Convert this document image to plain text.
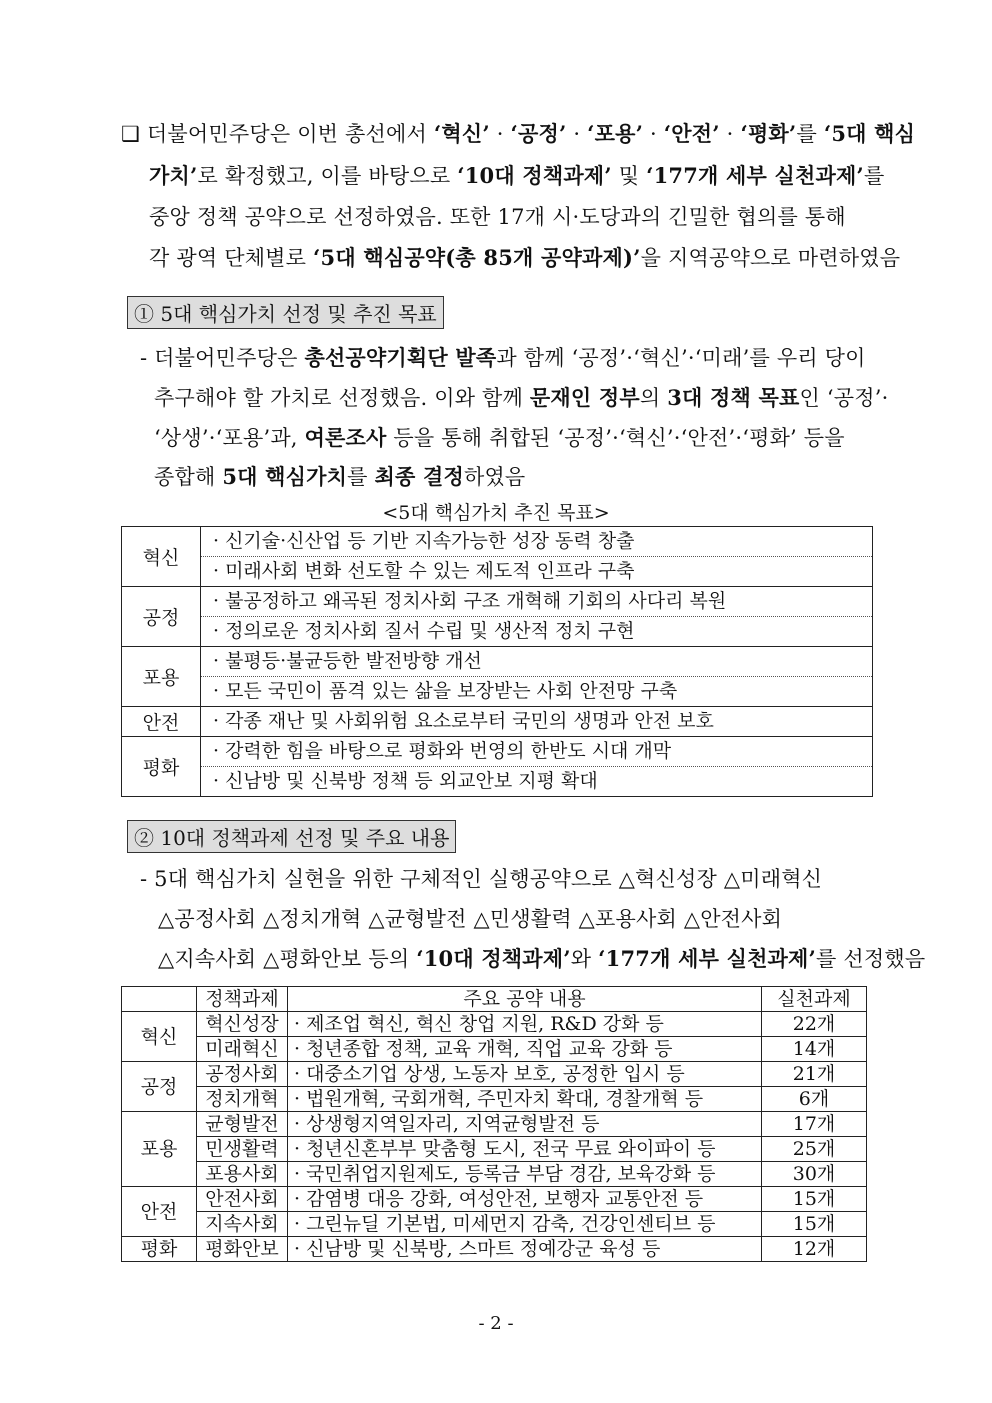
❑ 더불어민주당은 이번 총선에서 ‘혁신’ · ‘공정’ · ‘포용’ · ‘안전’ · ‘평화’를 ‘5대 핵심
가치’로 확정했고, 이를 바탕으로 ‘10대 정책과제’ 및 ‘177개 세부 실천과제’를
중앙 정책 공약으로 선정하였음. 또한 17개 시·도당과의 긴밀한 협의를 통해
각 광역 단체별로 ‘5대 핵심공약(총 85개 공약과제)’을 지역공약으로 마련하였음
① 5대 핵심가치 선정 및 추진 목표
- 더불어민주당은 총선공약기획단 발족과 함께 ‘공정’·‘혁신’·‘미래’를 우리 당이
추구해야 할 가치로 선정했음. 이와 함께 문재인 정부의 3대 정책 목표인 ‘공정’·
‘상생’·‘포용’과, 여론조사 등을 통해 취합된 ‘공정’·‘혁신’·‘안전’·‘평화’ 등을
종합해 5대 핵심가치를 최종 결정하였음
<5대 핵심가치 추진 목표>
혁신	· 신기술·신산업 등 기반 지속가능한 성장 동력 창출
· 미래사회 변화 선도할 수 있는 제도적 인프라 구축

공정	· 불공정하고 왜곡된 정치사회 구조 개혁해 기회의 사다리 복원
· 정의로운 정치사회 질서 수립 및 생산적 정치 구현

포용	· 불평등·불균등한 발전방향 개선
· 모든 국민이 품격 있는 삶을 보장받는 사회 안전망 구축

안전	· 각종 재난 및 사회위험 요소로부터 국민의 생명과 안전 보호

평화	· 강력한 힘을 바탕으로 평화와 번영의 한반도 시대 개막
· 신남방 및 신북방 정책 등 외교안보 지평 확대
② 10대 정책과제 선정 및 주요 내용
- 5대 핵심가치 실현을 위한 구체적인 실행공약으로 △혁신성장 △미래혁신
△공정사회 △정치개혁 △균형발전 △민생활력 △포용사회 △안전사회
△지속사회 △평화안보 등의 ‘10대 정책과제’와 ‘177개 세부 실천과제’를 선정했음
	정책과제	주요 공약 내용	실천과제
혁신	혁신성장	· 제조업 혁신, 혁신 창업 지원, R&D 강화 등	22개
	미래혁신	· 청년종합 정책, 교육 개혁, 직업 교육 강화 등	14개
공정	공정사회	· 대중소기업 상생, 노동자 보호, 공정한 입시 등	21개
	정치개혁	· 법원개혁, 국회개혁, 주민자치 확대, 경찰개혁 등	6개
포용	균형발전	· 상생형지역일자리, 지역균형발전 등	17개
	민생활력	· 청년신혼부부 맞춤형 도시, 전국 무료 와이파이 등	25개
	포용사회	· 국민취업지원제도, 등록금 부담 경감, 보육강화 등	30개
안전	안전사회	· 감염병 대응 강화, 여성안전, 보행자 교통안전 등	15개
	지속사회	· 그린뉴딜 기본법, 미세먼지 감축, 건강인센티브 등	15개
평화	평화안보	· 신남방 및 신북방, 스마트 정예강군 육성 등	12개
- 2 -
